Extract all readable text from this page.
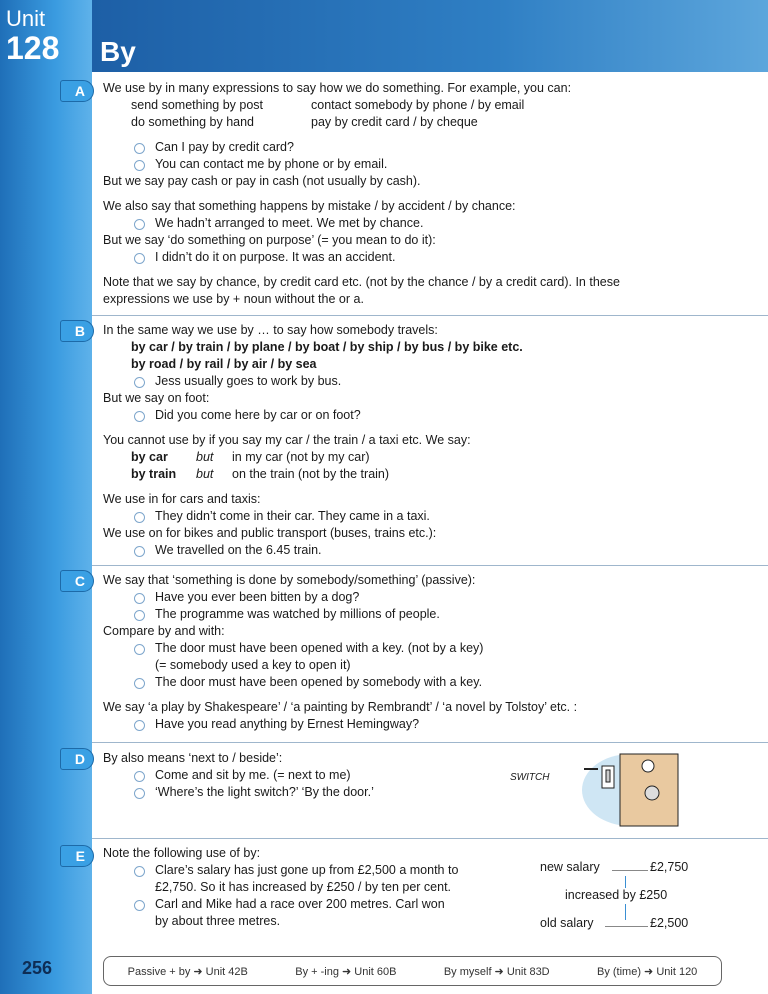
Unit
128 By
256
A
B
C
D
E

We use by in many expressions to say how we do something. For example, you can:

send something by post	contact somebody by phone / by email
do something by hand	pay by credit card / by cheque

Can I pay by credit card?

You can contact me by phone or by email.

But we say pay cash or pay in cash (not usually by cash).

We also say that something happens by mistake / by accident / by chance:

We hadn’t arranged to meet. We met by chance.

But we say ‘do something on purpose’ (= you mean to do it):

I didn’t do it on purpose. It was an accident.

Note that we say by chance, by credit card etc. (not by the chance / by a credit card). In these

expressions we use by + noun without the or a.

In the same way we use by … to say how somebody travels:

by car / by train / by plane / by boat / by ship / by bus / by bike etc.

by road / by rail / by air / by sea

Jess usually goes to work by bus.

But we say on foot:

Did you come here by car or on foot?

You cannot use by if you say my car / the train / a taxi etc. We say:

by car	but	in my car (not by my car)
by train	but	on the train (not by the train)

We use in for cars and taxis:

They didn’t come in their car. They came in a taxi.

We use on for bikes and public transport (buses, trains etc.):

We travelled on the 6.45 train.

We say that ‘something is done by somebody/something’ (passive):

Have you ever been bitten by a dog?

The programme was watched by millions of people.

Compare by and with:

The door must have been opened with a key. (not by a key)

(= somebody used a key to open it)

The door must have been opened by somebody with a key.

We say ‘a play by Shakespeare’ / ‘a painting by Rembrandt’ / ‘a novel by Tolstoy’ etc. :

Have you read anything by Ernest Hemingway?

By also means ‘next to / beside’:

Come and sit by me. (= next to me)

‘Where’s the light switch?’ ‘By the door.’

SWITCH

Note the following use of by:

Clare’s salary has just gone up from £2,500 a month to

£2,750. So it has increased by £250 / by ten per cent.

Carl and Mike had a race over 200 metres. Carl won

by about three metres.

new salary	£2,750
increased by £250
old salary	£2,500
Passive + by ➜ Unit 42B	By + -ing ➜ Unit 60B	By myself ➜ Unit 83D	By (time) ➜ Unit 120
